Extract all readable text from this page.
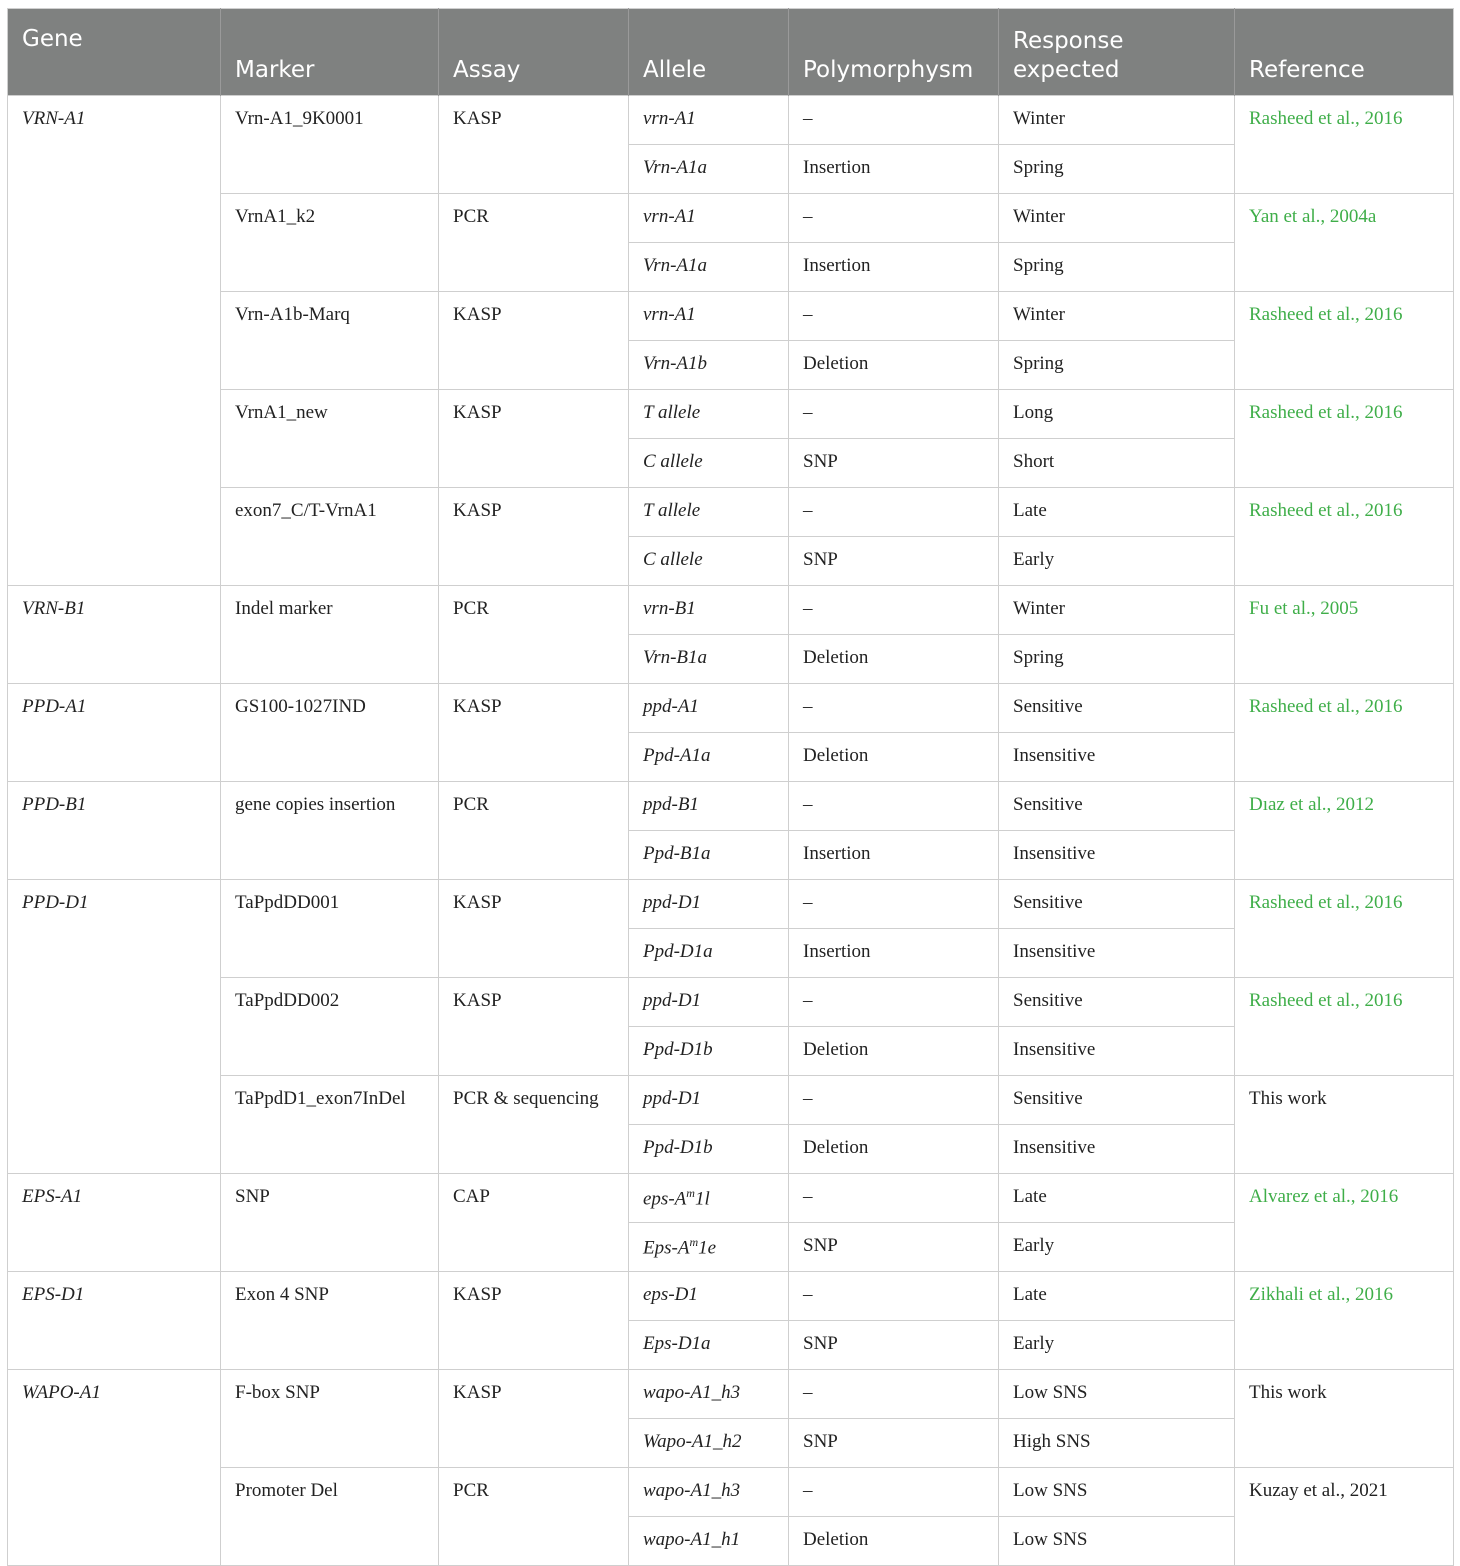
Gene	Marker	Assay	Allele	Polymorphysm	Response expected	Reference
VRN-A1	Vrn-A1_9K0001	KASP	vrn-A1	–	Winter	Rasheed et al., 2016
			Vrn-A1a	Insertion	Spring	
	VrnA1_k2	PCR	vrn-A1	–	Winter	Yan et al., 2004a
			Vrn-A1a	Insertion	Spring	
	Vrn-A1b-Marq	KASP	vrn-A1	–	Winter	Rasheed et al., 2016
			Vrn-A1b	Deletion	Spring	
	VrnA1_new	KASP	T allele	–	Long	Rasheed et al., 2016
			C allele	SNP	Short	
	exon7_C/T-VrnA1	KASP	T allele	–	Late	Rasheed et al., 2016
			C allele	SNP	Early	
VRN-B1	Indel marker	PCR	vrn-B1	–	Winter	Fu et al., 2005
			Vrn-B1a	Deletion	Spring	
PPD-A1	GS100-1027IND	KASP	ppd-A1	–	Sensitive	Rasheed et al., 2016
			Ppd-A1a	Deletion	Insensitive	
PPD-B1	gene copies insertion	PCR	ppd-B1	–	Sensitive	Dıaz et al., 2012
			Ppd-B1a	Insertion	Insensitive	
PPD-D1	TaPpdDD001	KASP	ppd-D1	–	Sensitive	Rasheed et al., 2016
			Ppd-D1a	Insertion	Insensitive	
	TaPpdDD002	KASP	ppd-D1	–	Sensitive	Rasheed et al., 2016
			Ppd-D1b	Deletion	Insensitive	
	TaPpdD1_exon7InDel	PCR & sequencing	ppd-D1	–	Sensitive	This work
			Ppd-D1b	Deletion	Insensitive	
EPS-A1	SNP	CAP	eps-$A^m1l$	–	Late	Alvarez et al., 2016
			Eps-$A^m1e$	SNP	Early	
EPS-D1	Exon 4 SNP	KASP	eps-D1	–	Late	Zikhali et al., 2016
			Eps-D1a	SNP	Early	
WAPO-A1	F-box SNP	KASP	wapo-A1_h3	–	Low SNS	This work
			Wapo-A1_h2	SNP	High SNS	
	Promoter Del	PCR	wapo-A1_h3	–	Low SNS	Kuzay et al., 2021
			wapo-A1_h1	Deletion	Low SNS	
